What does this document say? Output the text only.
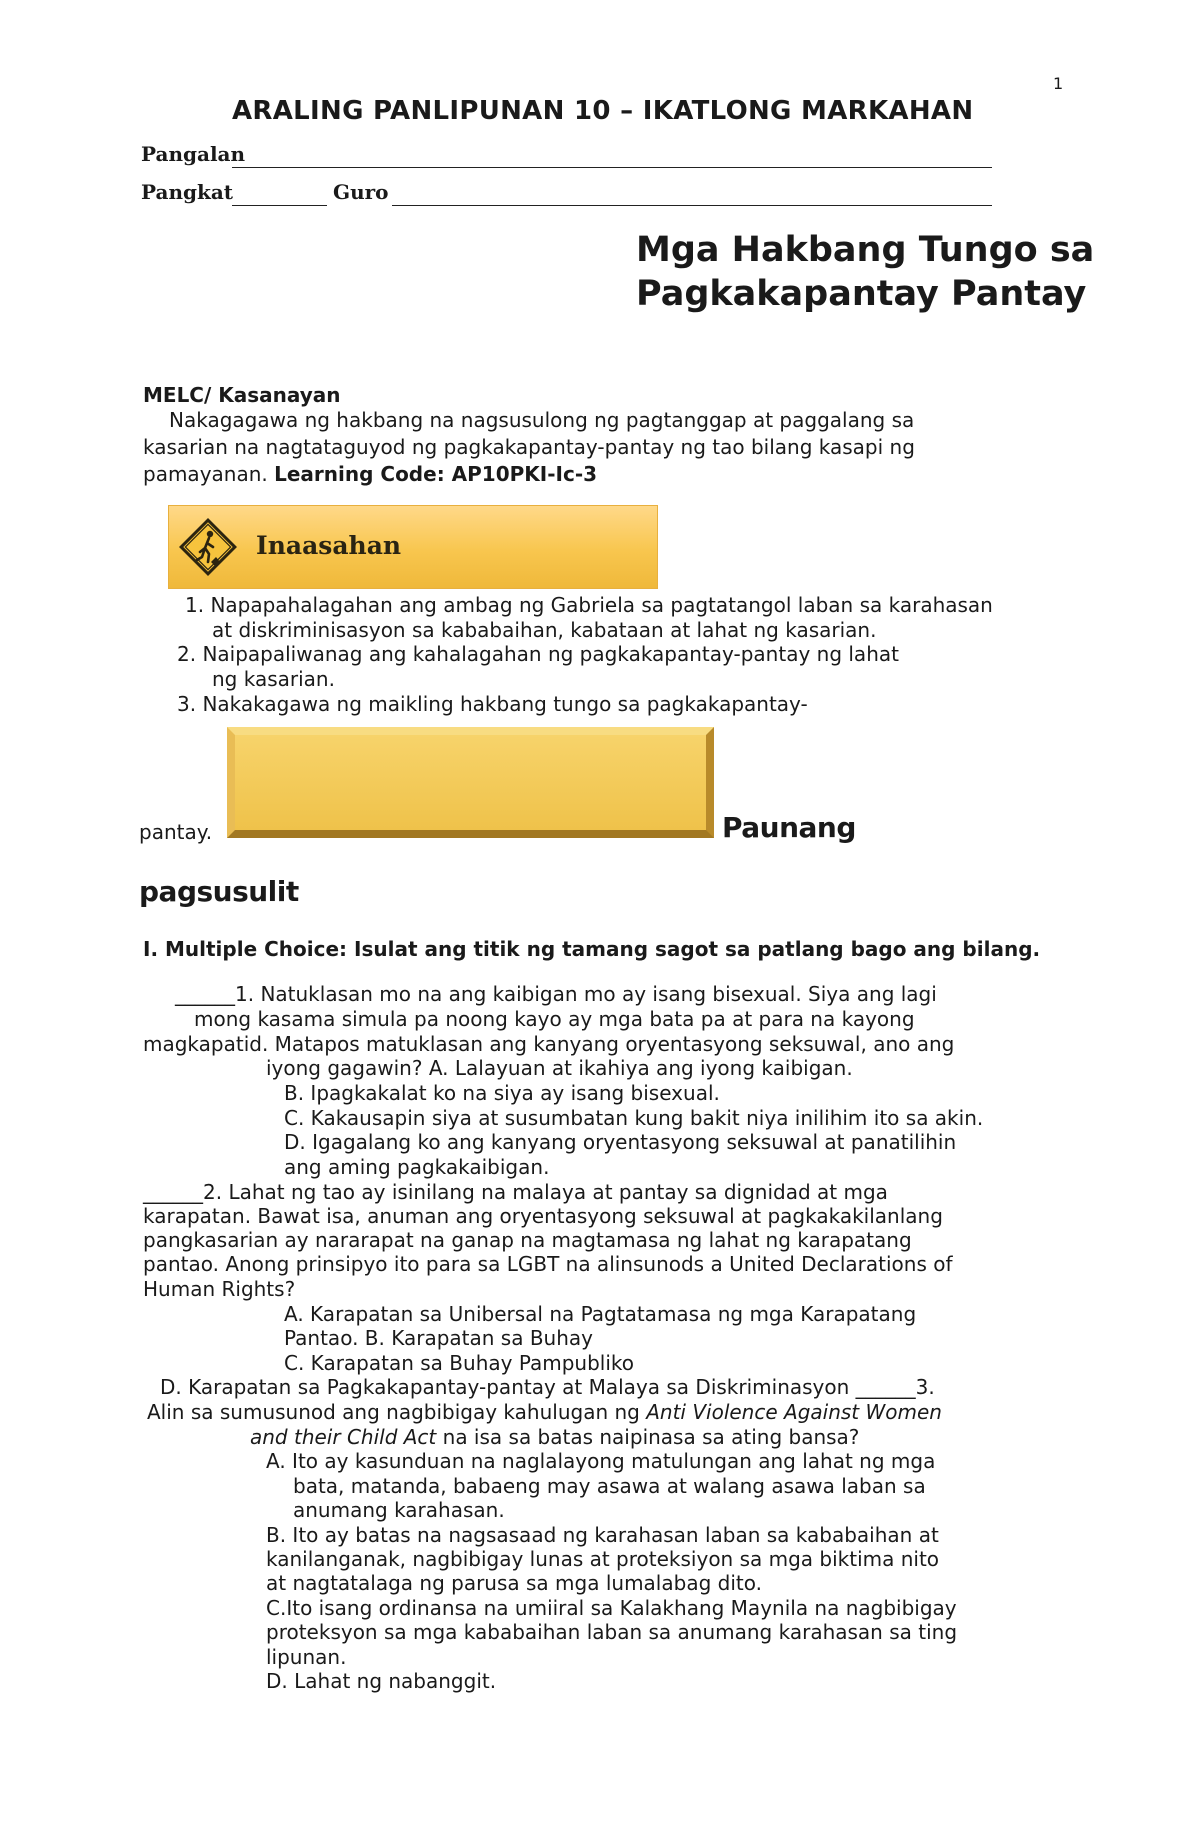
1
ARALING PANLIPUNAN 10 – IKATLONG MARKAHAN
Pangalan
Pangkat	Guro
Mga Hakbang Tungo sa
Pagkakapantay Pantay
MELC/ Kasanayan
Nakagagawa ng hakbang na nagsusulong ng pagtanggap at paggalang sa
kasarian na nagtataguyod ng pagkakapantay-pantay ng tao bilang kasapi ng
pamayanan. Learning Code: AP10PKI-Ic-3
Inaasahan
1. Napapahalagahan ang ambag ng Gabriela sa pagtatangol laban sa karahasan
at diskriminisasyon sa kababaihan, kabataan at lahat ng kasarian.
2. Naipapaliwanag ang kahalagahan ng pagkakapantay-pantay ng lahat
ng kasarian.
3. Nakakagawa ng maikling hakbang tungo sa pagkakapantay-
pantay.	Paunang
pagsusulit
I. Multiple Choice: Isulat ang titik ng tamang sagot sa patlang bago ang bilang.
______1. Natuklasan mo na ang kaibigan mo ay isang bisexual. Siya ang lagi
mong kasama simula pa noong kayo ay mga bata pa at para na kayong
magkapatid. Matapos matuklasan ang kanyang oryentasyong seksuwal, ano ang
iyong gagawin? A. Lalayuan at ikahiya ang iyong kaibigan.
B. Ipagkakalat ko na siya ay isang bisexual.
C. Kakausapin siya at susumbatan kung bakit niya inilihim ito sa akin.
D. Igagalang ko ang kanyang oryentasyong seksuwal at panatilihin
ang aming pagkakaibigan.
______2. Lahat ng tao ay isinilang na malaya at pantay sa dignidad at mga
karapatan. Bawat isa, anuman ang oryentasyong seksuwal at pagkakakilanlang
pangkasarian ay nararapat na ganap na magtamasa ng lahat ng karapatang
pantao. Anong prinsipyo ito para sa LGBT na alinsunods a United Declarations of
Human Rights?
A. Karapatan sa Unibersal na Pagtatamasa ng mga Karapatang
Pantao. B. Karapatan sa Buhay
C. Karapatan sa Buhay Pampubliko
D. Karapatan sa Pagkakapantay-pantay at Malaya sa Diskriminasyon ______3.
Alin sa sumusunod ang nagbibigay kahulugan ng Anti Violence Against Women
and their Child Act na isa sa batas naipinasa sa ating bansa?
A. Ito ay kasunduan na naglalayong matulungan ang lahat ng mga
bata, matanda, babaeng may asawa at walang asawa laban sa
anumang karahasan.
B. Ito ay batas na nagsasaad ng karahasan laban sa kababaihan at
kanilanganak, nagbibigay lunas at proteksiyon sa mga biktima nito
at nagtatalaga ng parusa sa mga lumalabag dito.
C.Ito isang ordinansa na umiiral sa Kalakhang Maynila na nagbibigay
proteksyon sa mga kababaihan laban sa anumang karahasan sa ting
lipunan.
D. Lahat ng nabanggit.
